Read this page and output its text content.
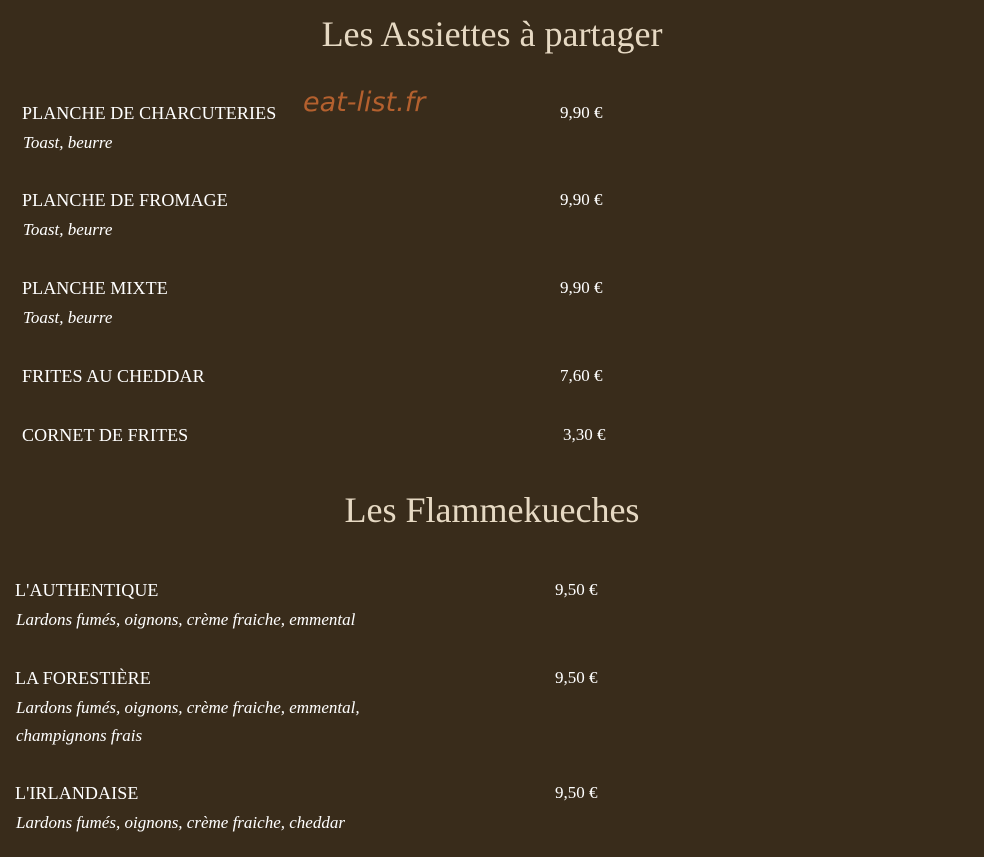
Les Assiettes à partager
PLANCHE DE CHARCUTERIES	9,90 €
Toast, beurre
eat-list.fr
PLANCHE DE FROMAGE	9,90 €
Toast, beurre
PLANCHE MIXTE	9,90 €
Toast, beurre
FRITES AU CHEDDAR	7,60 €
CORNET DE FRITES	3,30 €
Les Flammekueches
L'AUTHENTIQUE	9,50 €
Lardons fumés, oignons, crème fraiche, emmental
LA FORESTIÈRE	9,50 €
Lardons fumés, oignons, crème fraiche, emmental, champignons frais
L'IRLANDAISE	9,50 €
Lardons fumés, oignons, crème fraiche, cheddar
